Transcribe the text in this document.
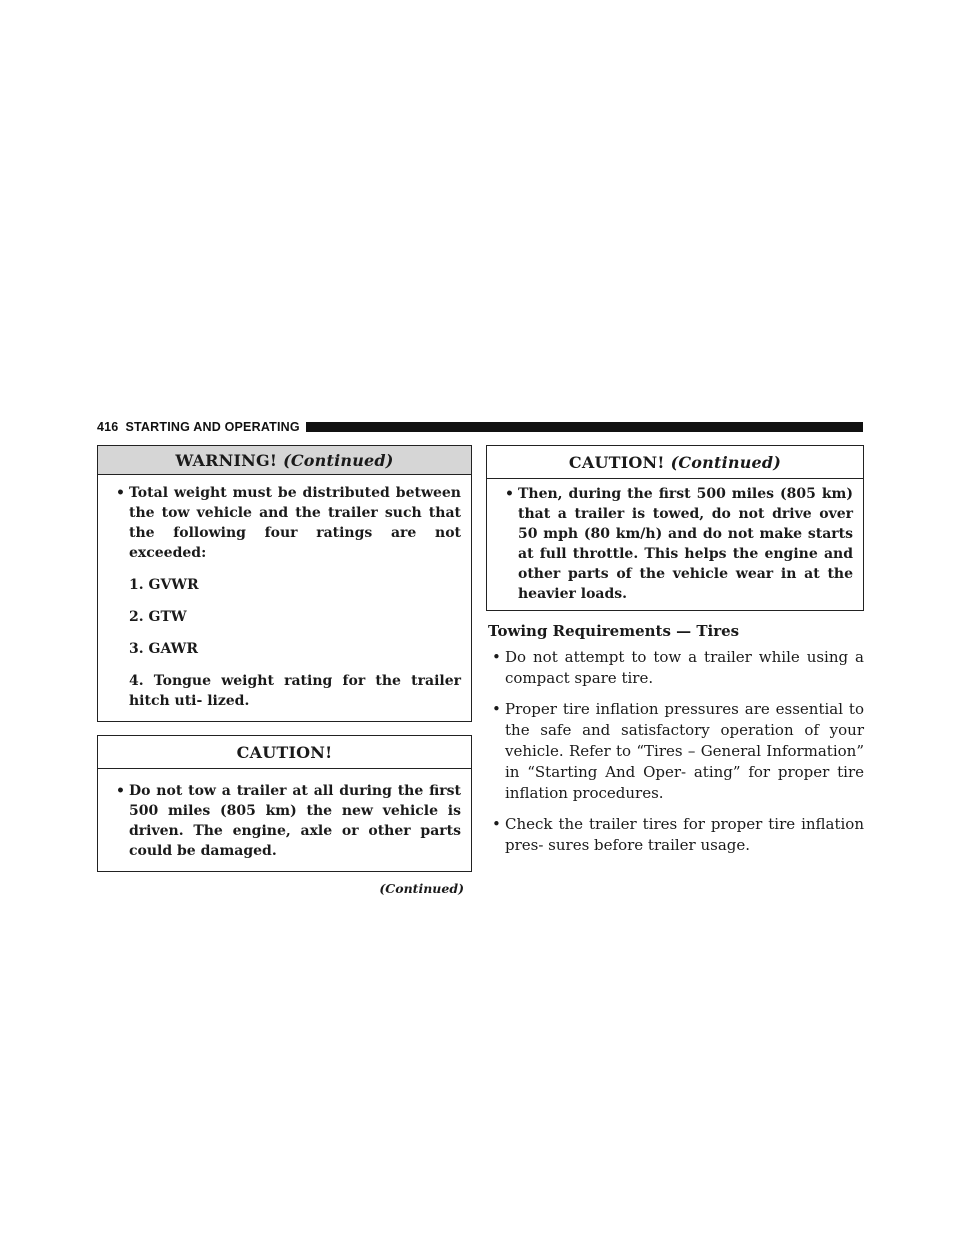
416 STARTING AND OPERATING
WARNING! (Continued)
• Total weight must be distributed between the tow vehicle and the trailer such that the following four ratings are not exceeded:
1. GVWR
2. GTW
3. GAWR
4. Tongue weight rating for the trailer hitch uti- lized.
CAUTION!
• Do not tow a trailer at all during the first 500 miles (805 km) the new vehicle is driven. The engine, axle or other parts could be damaged.
(Continued)
CAUTION! (Continued)
• Then, during the first 500 miles (805 km) that a trailer is towed, do not drive over 50 mph (80 km/h) and do not make starts at full throttle. This helps the engine and other parts of the vehicle wear in at the heavier loads.
Towing Requirements — Tires
• Do not attempt to tow a trailer while using a compact spare tire.
• Proper tire inflation pressures are essential to the safe and satisfactory operation of your vehicle. Refer to “Tires – General Information” in “Starting And Oper- ating” for proper tire inflation procedures.
• Check the trailer tires for proper tire inflation pres- sures before trailer usage.
